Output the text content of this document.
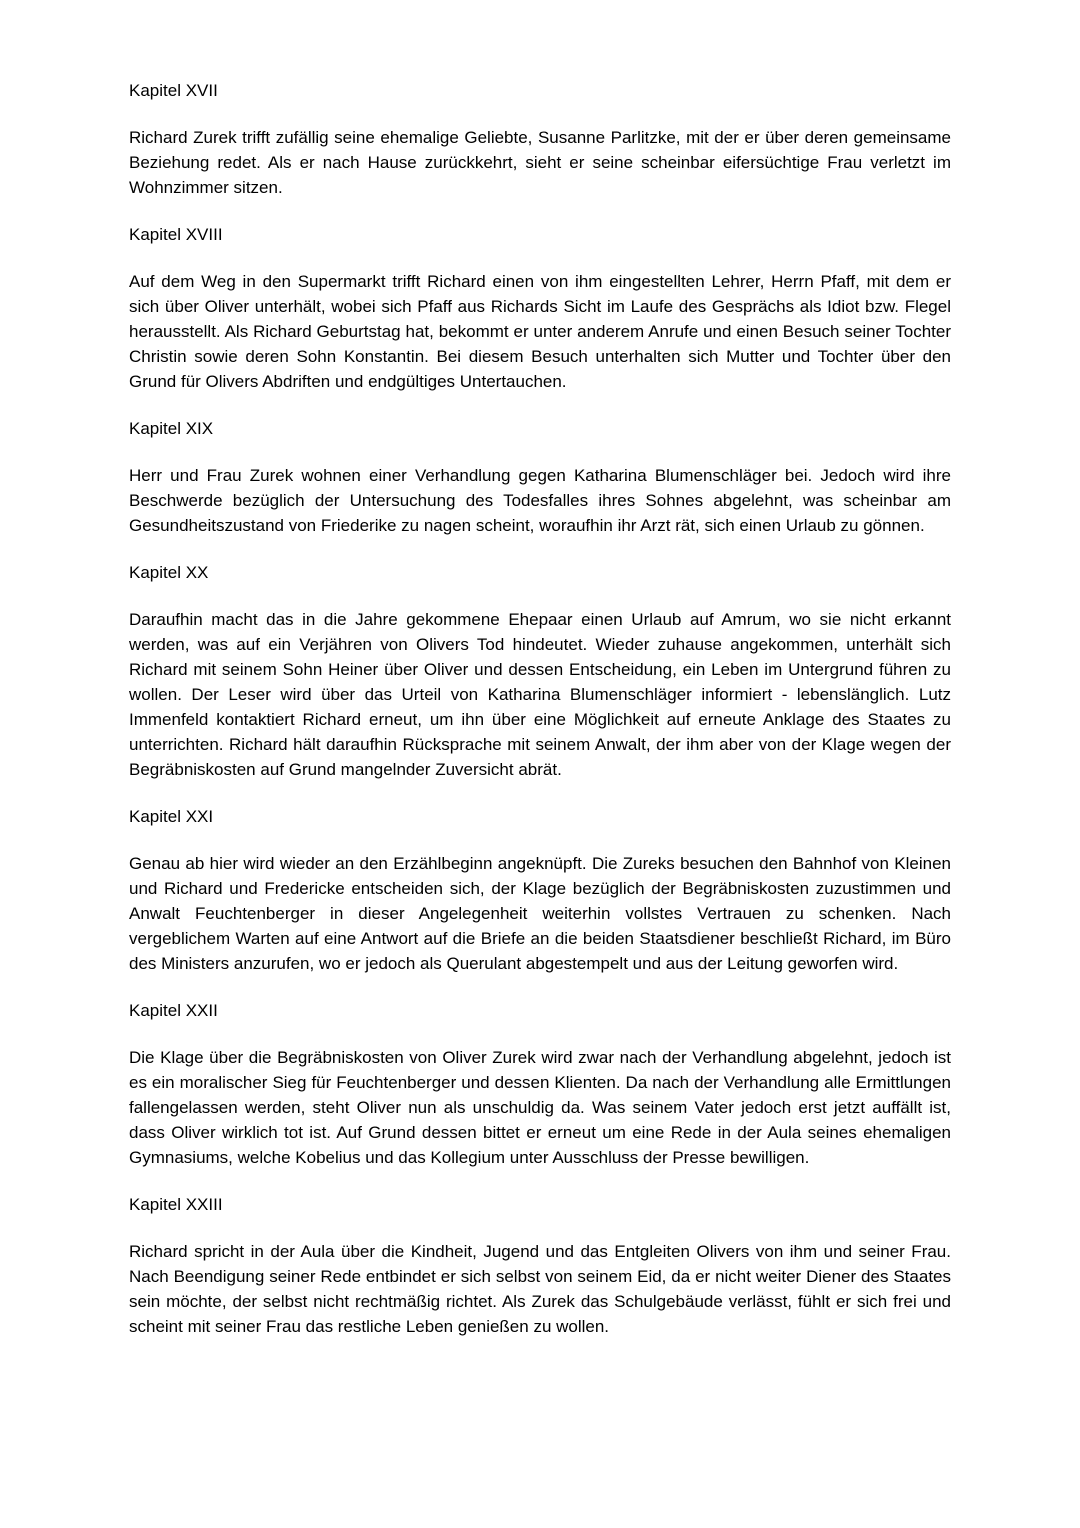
Kapitel XVII

Richard Zurek trifft zufällig seine ehemalige Geliebte, Susanne Parlitzke, mit der er über deren gemeinsame Beziehung redet. Als er nach Hause zurückkehrt, sieht er seine scheinbar eifersüchtige Frau verletzt im Wohnzimmer sitzen.

Kapitel XVIII

Auf dem Weg in den Supermarkt trifft Richard einen von ihm eingestellten Lehrer, Herrn Pfaff, mit dem er sich über Oliver unterhält, wobei sich Pfaff aus Richards Sicht im Laufe des Gesprächs als Idiot bzw. Flegel herausstellt. Als Richard Geburtstag hat, bekommt er unter anderem Anrufe und einen Besuch seiner Tochter Christin sowie deren Sohn Konstantin. Bei diesem Besuch unterhalten sich Mutter und Tochter über den Grund für Olivers Abdriften und endgültiges Untertauchen.

Kapitel XIX

Herr und Frau Zurek wohnen einer Verhandlung gegen Katharina Blumenschläger bei. Jedoch wird ihre Beschwerde bezüglich der Untersuchung des Todesfalles ihres Sohnes abgelehnt, was scheinbar am Gesundheitszustand von Friederike zu nagen scheint, woraufhin ihr Arzt rät, sich einen Urlaub zu gönnen.

Kapitel XX

Daraufhin macht das in die Jahre gekommene Ehepaar einen Urlaub auf Amrum, wo sie nicht erkannt werden, was auf ein Verjähren von Olivers Tod hindeutet. Wieder zuhause angekommen, unterhält sich Richard mit seinem Sohn Heiner über Oliver und dessen Entscheidung, ein Leben im Untergrund führen zu wollen. Der Leser wird über das Urteil von Katharina Blumenschläger informiert - lebenslänglich. Lutz Immenfeld kontaktiert Richard erneut, um ihn über eine Möglichkeit auf erneute Anklage des Staates zu unterrichten. Richard hält daraufhin Rücksprache mit seinem Anwalt, der ihm aber von der Klage wegen der Begräbniskosten auf Grund mangelnder Zuversicht abrät.

Kapitel XXI

Genau ab hier wird wieder an den Erzählbeginn angeknüpft. Die Zureks besuchen den Bahnhof von Kleinen und Richard und Fredericke entscheiden sich, der Klage bezüglich der Begräbniskosten zuzustimmen und Anwalt Feuchtenberger in dieser Angelegenheit weiterhin vollstes Vertrauen zu schenken. Nach vergeblichem Warten auf eine Antwort auf die Briefe an die beiden Staatsdiener beschließt Richard, im Büro des Ministers anzurufen, wo er jedoch als Querulant abgestempelt und aus der Leitung geworfen wird.

Kapitel XXII

Die Klage über die Begräbniskosten von Oliver Zurek wird zwar nach der Verhandlung abgelehnt, jedoch ist es ein moralischer Sieg für Feuchtenberger und dessen Klienten. Da nach der Verhandlung alle Ermittlungen fallengelassen werden, steht Oliver nun als unschuldig da. Was seinem Vater jedoch erst jetzt auffällt ist, dass Oliver wirklich tot ist. Auf Grund dessen bittet er erneut um eine Rede in der Aula seines ehemaligen Gymnasiums, welche Kobelius und das Kollegium unter Ausschluss der Presse bewilligen.

Kapitel XXIII

Richard spricht in der Aula über die Kindheit, Jugend und das Entgleiten Olivers von ihm und seiner Frau. Nach Beendigung seiner Rede entbindet er sich selbst von seinem Eid, da er nicht weiter Diener des Staates sein möchte, der selbst nicht rechtmäßig richtet. Als Zurek das Schulgebäude verlässt, fühlt er sich frei und scheint mit seiner Frau das restliche Leben genießen zu wollen.
